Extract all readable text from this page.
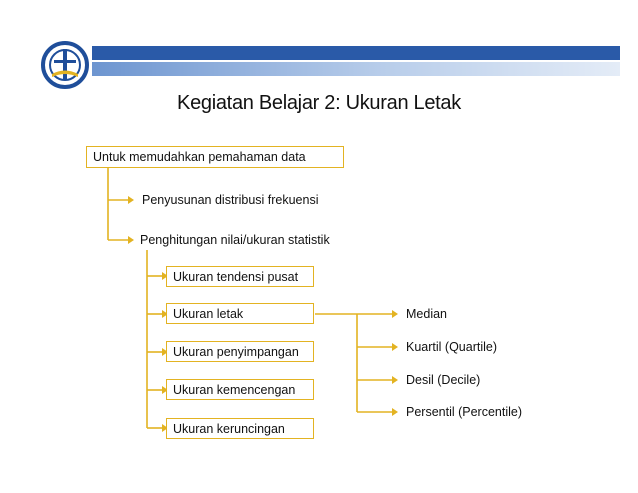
Kegiatan Belajar 2: Ukuran Letak
Untuk memudahkan pemahaman data
Penyusunan distribusi frekuensi
Penghitungan nilai/ukuran statistik
Ukuran tendensi pusat
Ukuran letak
Ukuran penyimpangan
Ukuran kemencengan
Ukuran keruncingan
Median
Kuartil (Quartile)
Desil (Decile)
Persentil (Percentile)
